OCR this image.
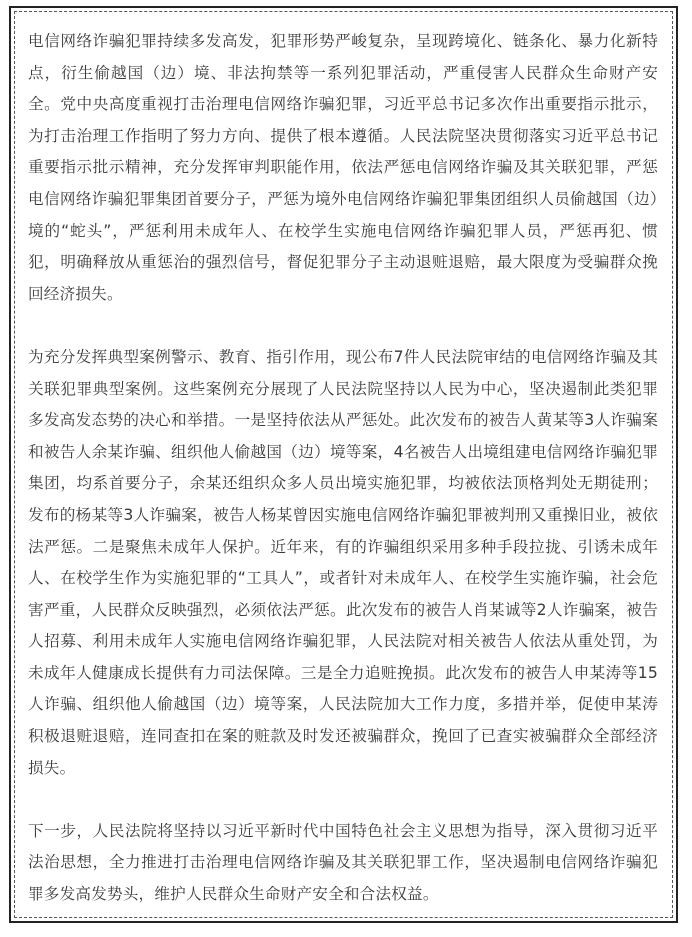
电信网络诈骗犯罪持续多发高发，犯罪形势严峻复杂，呈现跨境化、链条化、暴力化新特点，衍生偷越国（边）境、非法拘禁等一系列犯罪活动，严重侵害人民群众生命财产安全。党中央高度重视打击治理电信网络诈骗犯罪，习近平总书记多次作出重要指示批示，为打击治理工作指明了努力方向、提供了根本遵循。人民法院坚决贯彻落实习近平总书记重要指示批示精神，充分发挥审判职能作用，依法严惩电信网络诈骗及其关联犯罪，严惩电信网络诈骗犯罪集团首要分子，严惩为境外电信网络诈骗犯罪集团组织人员偷越国（边）境的“蛇头”，严惩利用未成年人、在校学生实施电信网络诈骗犯罪人员，严惩再犯、惯犯，明确释放从重惩治的强烈信号，督促犯罪分子主动退赃退赔，最大限度为受骗群众挽回经济损失。

为充分发挥典型案例警示、教育、指引作用，现公布7件人民法院审结的电信网络诈骗及其关联犯罪典型案例。这些案例充分展现了人民法院坚持以人民为中心，坚决遏制此类犯罪多发高发态势的决心和举措。一是坚持依法从严惩处。此次发布的被告人黄某等3人诈骗案和被告人余某诈骗、组织他人偷越国（边）境等案，4名被告人出境组建电信网络诈骗犯罪集团，均系首要分子，余某还组织众多人员出境实施犯罪，均被依法顶格判处无期徒刑；发布的杨某等3人诈骗案，被告人杨某曾因实施电信网络诈骗犯罪被判刑又重操旧业，被依法严惩。二是聚焦未成年人保护。近年来，有的诈骗组织采用多种手段拉拢、引诱未成年人、在校学生作为实施犯罪的“工具人”，或者针对未成年人、在校学生实施诈骗，社会危害严重，人民群众反映强烈，必须依法严惩。此次发布的被告人肖某诚等2人诈骗案，被告人招募、利用未成年人实施电信网络诈骗犯罪，人民法院对相关被告人依法从重处罚，为未成年人健康成长提供有力司法保障。三是全力追赃挽损。此次发布的被告人申某涛等15人诈骗、组织他人偷越国（边）境等案，人民法院加大工作力度，多措并举，促使申某涛积极退赃退赔，连同查扣在案的赃款及时发还被骗群众，挽回了已查实被骗群众全部经济损失。

下一步，人民法院将坚持以习近平新时代中国特色社会主义思想为指导，深入贯彻习近平法治思想，全力推进打击治理电信网络诈骗及其关联犯罪工作，坚决遏制电信网络诈骗犯罪多发高发势头，维护人民群众生命财产安全和合法权益。
